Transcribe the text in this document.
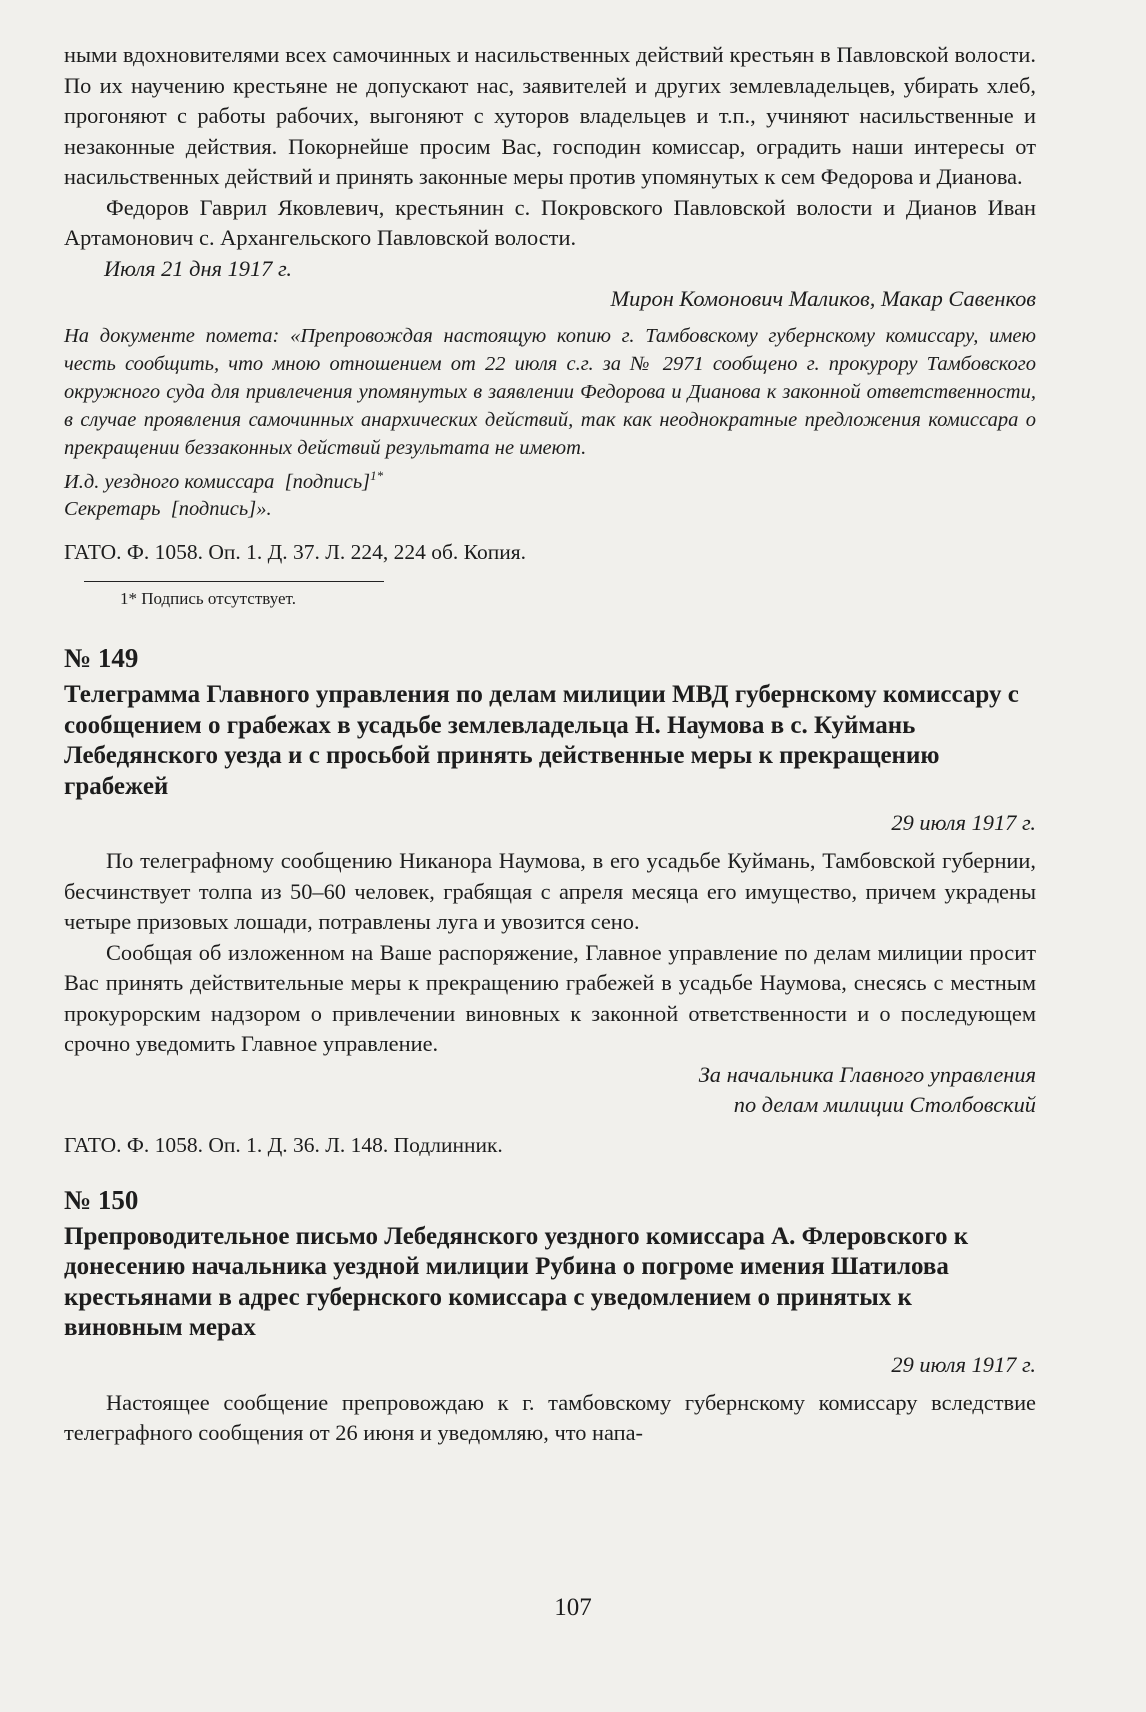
ными вдохновителями всех самочинных и насильственных действий крестьян в Павловской волости. По их научению крестьяне не допускают нас, заявителей и других землевладельцев, убирать хлеб, прогоняют с работы рабочих, выгоняют с хуторов владельцев и т.п., учиняют насильственные и незаконные действия. Покорнейше просим Вас, господин комиссар, оградить наши интересы от насильственных действий и принять законные меры против упомянутых к сем Федорова и Дианова.

Федоров Гаврил Яковлевич, крестьянин с. Покровского Павловской волости и Дианов Иван Артамонович с. Архангельского Павловской волости.

Июля 21 дня 1917 г.

Мирон Комонович Маликов, Макар Савенков

На документе помета: «Препровождая настоящую копию г. Тамбовскому губернскому комиссару, имею честь сообщить, что мною отношением от 22 июля с.г. за № 2971 сообщено г. прокурору Тамбовского окружного суда для привлечения упомянутых в заявлении Федорова и Дианова к законной ответственности, в случае проявления самочинных анархических действий, так как неоднократные предложения комиссара о прекращении беззаконных действий результата не имеют.

И.д. уездного комиссара [подпись]$^{1*}$

Секретарь [подпись]».

ГАТО. Ф. 1058. Оп. 1. Д. 37. Л. 224, 224 об. Копия.

1* Подпись отсутствует.

№ 149

Телеграмма Главного управления по делам милиции МВД губернскому комиссару с сообщением о грабежах в усадьбе землевладельца Н. Наумова в с. Куймань Лебедянского уезда и с просьбой принять действенные меры к прекращению грабежей

29 июля 1917 г.

По телеграфному сообщению Никанора Наумова, в его усадьбе Куймань, Тамбовской губернии, бесчинствует толпа из 50–60 человек, грабящая с апреля месяца его имущество, причем украдены четыре призовых лошади, потравлены луга и увозится сено.

Сообщая об изложенном на Ваше распоряжение, Главное управление по делам милиции просит Вас принять действительные меры к прекращению грабежей в усадьбе Наумова, снесясь с местным прокурорским надзором о привлечении виновных к законной ответственности и о последующем срочно уведомить Главное управление.

За начальника Главного управления

по делам милиции Столбовский

ГАТО. Ф. 1058. Оп. 1. Д. 36. Л. 148. Подлинник.

№ 150

Препроводительное письмо Лебедянского уездного комиссара А. Флеровского к донесению начальника уездной милиции Рубина о погроме имения Шатилова крестьянами в адрес губернского комиссара с уведомлением о принятых к виновным мерах

29 июля 1917 г.

Настоящее сообщение препровождаю к г. тамбовскому губернскому комиссару вследствие телеграфного сообщения от 26 июня и уведомляю, что напа-

107
